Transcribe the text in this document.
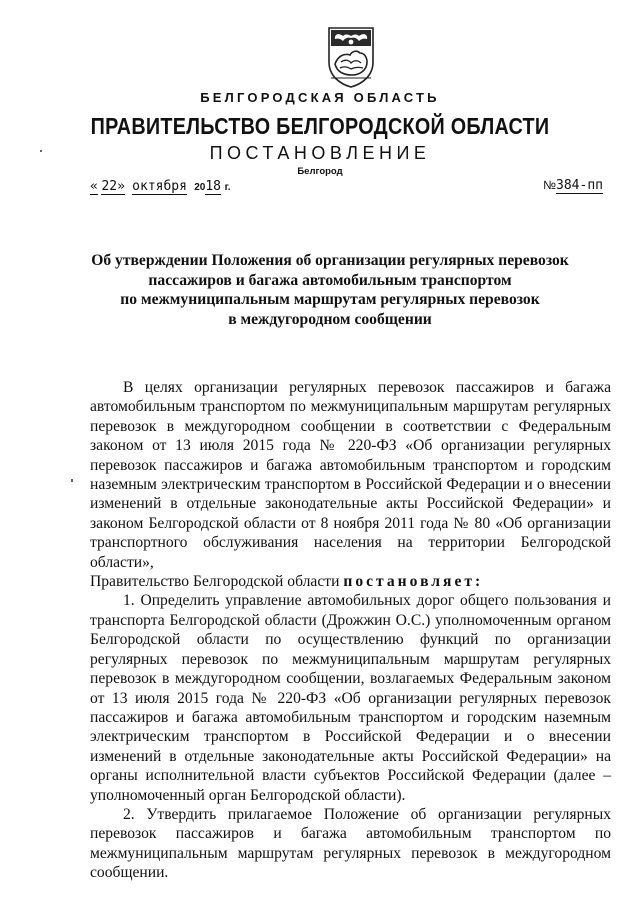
БЕЛГОРОДСКАЯ ОБЛАСТЬ
ПРАВИТЕЛЬСТВО БЕЛГОРОДСКОЙ ОБЛАСТИ
ПОСТАНОВЛЕНИЕ
Белгород
« 22» октября 2018 г.	№384-пп
Об утверждении Положения об организации регулярных перевозок
пассажиров и багажа автомобильным транспортом
по межмуниципальным маршрутам регулярных перевозок
в междугородном сообщении

В целях организации регулярных перевозок пассажиров и багажа автомобильным транспортом по межмуниципальным маршрутам регулярных перевозок в междугородном сообщении в соответствии с Федеральным законом от 13 июля 2015 года № 220-ФЗ «Об организации регулярных перевозок пассажиров и багажа автомобильным транспортом и городским наземным электрическим транспортом в Российской Федерации и о внесении изменений в отдельные законодательные акты Российской Федерации» и законом Белгородской области от 8 ноября 2011 года № 80 «Об организации транспортного обслуживания населения на территории Белгородской области»,

Правительство Белгородской области постановляет:

1. Определить управление автомобильных дорог общего пользования и транспорта Белгородской области (Дрожжин О.С.) уполномоченным органом Белгородской области по осуществлению функций по организации регулярных перевозок по межмуниципальным маршрутам регулярных перевозок в междугородном сообщении, возлагаемых Федеральным законом от 13 июля 2015 года № 220-ФЗ «Об организации регулярных перевозок пассажиров и багажа автомобильным транспортом и городским наземным электрическим транспортом в Российской Федерации и о внесении изменений в отдельные законодательные акты Российской Федерации» на органы исполнительной власти субъектов Российской Федерации (далее – уполномоченный орган Белгородской области).

2. Утвердить прилагаемое Положение об организации регулярных перевозок пассажиров и багажа автомобильным транспортом по межмуниципальным маршрутам регулярных перевозок в междугородном сообщении.
